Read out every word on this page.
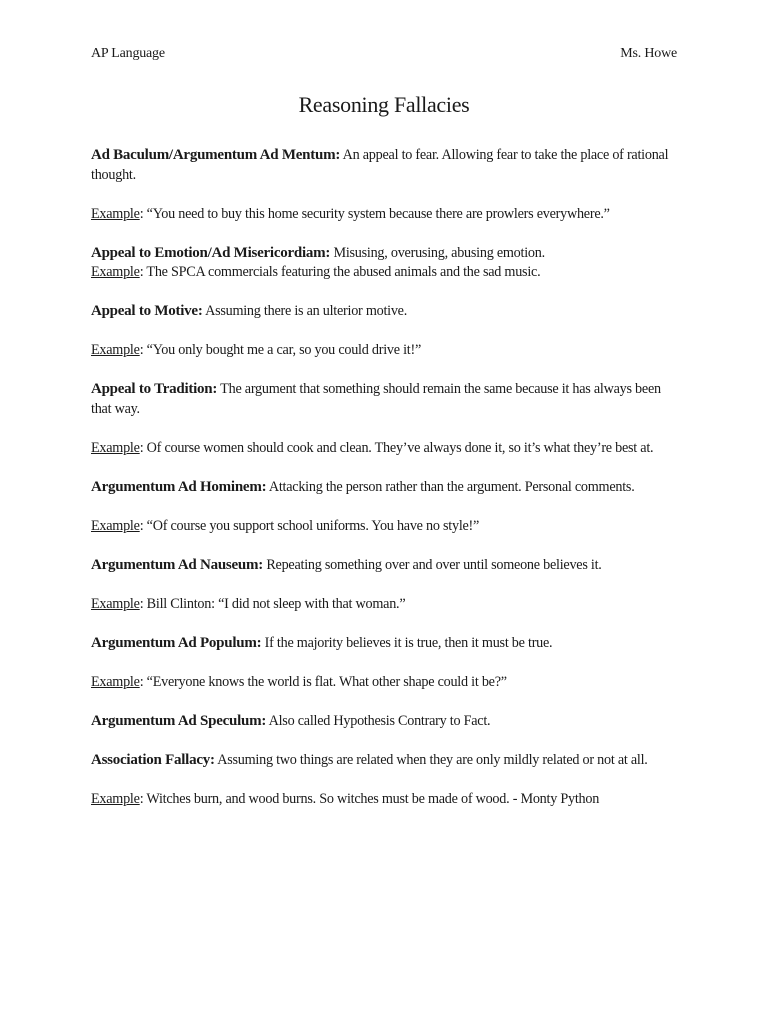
AP Language	Ms. Howe
Reasoning Fallacies

Ad Baculum/Argumentum Ad Mentum: An appeal to fear. Allowing fear to take the place of rational thought.

Example: “You need to buy this home security system because there are prowlers everywhere.”

Appeal to Emotion/Ad Misericordiam: Misusing, overusing, abusing emotion.

Example: The SPCA commercials featuring the abused animals and the sad music.

Appeal to Motive: Assuming there is an ulterior motive.

Example: “You only bought me a car, so you could drive it!”

Appeal to Tradition: The argument that something should remain the same because it has always been that way.

Example: Of course women should cook and clean. They’ve always done it, so it’s what they’re best at.

Argumentum Ad Hominem: Attacking the person rather than the argument. Personal comments.

Example: “Of course you support school uniforms. You have no style!”

Argumentum Ad Nauseum: Repeating something over and over until someone believes it.

Example: Bill Clinton: “I did not sleep with that woman.”

Argumentum Ad Populum: If the majority believes it is true, then it must be true.

Example: “Everyone knows the world is flat. What other shape could it be?”

Argumentum Ad Speculum: Also called Hypothesis Contrary to Fact.

Association Fallacy: Assuming two things are related when they are only mildly related or not at all.

Example: Witches burn, and wood burns. So witches must be made of wood. - Monty Python
